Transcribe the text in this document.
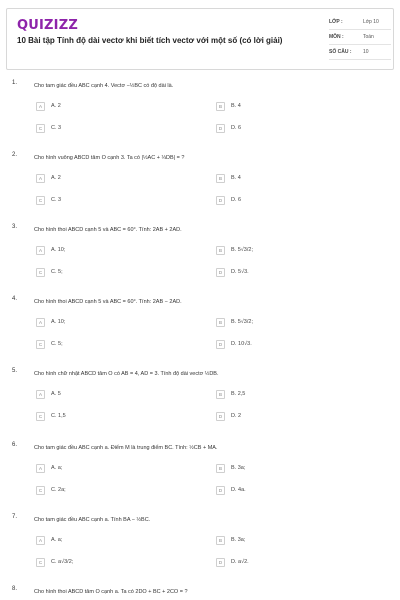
QUIZIZZ
10 Bài tập Tính độ dài vectơ khi biết tích vectơ với một số (có lời giải)
LỚP :	Lớp 10
MÔN :	Toán
SỐ CÂU :	10
1.	Cho tam giác đều ABC cạnh 4. Vectơ −½BC có độ dài là.
A	A. 2	B	B. 4
C	C. 3	D	D. 6
2.	Cho hình vuông ABCD tâm O cạnh 3. Ta có |½AC + ⅓DB| = ?
A	A. 2	B	B. 4
C	C. 3	D	D. 6
3.	Cho hình thoi ABCD cạnh 5 và ABC = 60°. Tính: 2AB + 2AD.
A	A. 10;	B	B. 5√3/2;
C	C. 5;	D	D. 5√3.
4.	Cho hình thoi ABCD cạnh 5 và ABC = 60°. Tính: 2AB − 2AD.
A	A. 10;	B	B. 5√3/2;
C	C. 5;	D	D. 10√3.
5.	Cho hình chữ nhật ABCD tâm O có AB = 4, AD = 3. Tính độ dài vectơ ½DB.
A	A. 5	B	B. 2,5
C	C. 1,5	D	D. 2
6.	Cho tam giác đều ABC cạnh a. Điểm M là trung điểm BC. Tính: ½CB + MA.
A	A. a;	B	B. 3a;
C	C. 2a;	D	D. 4a.
7.	Cho tam giác đều ABC cạnh a. Tính BA − ½BC.
A	A. a;	B	B. 3a;
C	C. a√3/2;	D	D. a√2.
8.	Cho hình thoi ABCD tâm O cạnh a. Ta có 2DO + BC + 2CO = ?
